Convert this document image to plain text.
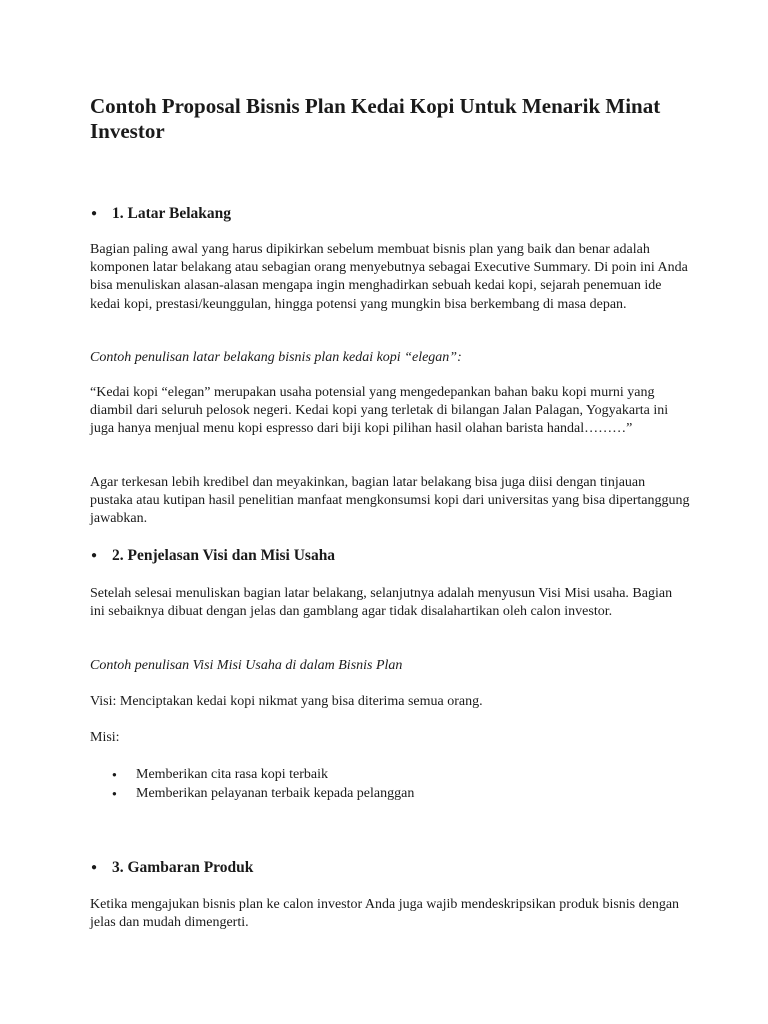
Contoh Proposal Bisnis Plan Kedai Kopi Untuk Menarik Minat Investor
● 1. Latar Belakang

Bagian paling awal yang harus dipikirkan sebelum membuat bisnis plan yang baik dan benar adalah komponen latar belakang atau sebagian orang menyebutnya sebagai Executive Summary. Di poin ini Anda bisa menuliskan alasan-alasan mengapa ingin menghadirkan sebuah kedai kopi, sejarah penemuan ide kedai kopi, prestasi/keunggulan, hingga potensi yang mungkin bisa berkembang di masa depan.

Contoh penulisan latar belakang bisnis plan kedai kopi “elegan”:

“Kedai kopi “elegan” merupakan usaha potensial yang mengedepankan bahan baku kopi murni yang diambil dari seluruh pelosok negeri. Kedai kopi yang terletak di bilangan Jalan Palagan, Yogyakarta ini juga hanya menjual menu kopi espresso dari biji kopi pilihan hasil olahan barista handal………”

Agar terkesan lebih kredibel dan meyakinkan, bagian latar belakang bisa juga diisi dengan tinjauan pustaka atau kutipan hasil penelitian manfaat mengkonsumsi kopi dari universitas yang bisa dipertanggung jawabkan.

● 2. Penjelasan Visi dan Misi Usaha

Setelah selesai menuliskan bagian latar belakang, selanjutnya adalah menyusun Visi Misi usaha. Bagian ini sebaiknya dibuat dengan jelas dan gamblang agar tidak disalahartikan oleh calon investor.

Contoh penulisan Visi Misi Usaha di dalam Bisnis Plan

Visi: Menciptakan kedai kopi nikmat yang bisa diterima semua orang.

Misi:

● Memberikan cita rasa kopi terbaik
● Memberikan pelayanan terbaik kepada pelanggan
● 3. Gambaran Produk

Ketika mengajukan bisnis plan ke calon investor Anda juga wajib mendeskripsikan produk bisnis dengan jelas dan mudah dimengerti.
